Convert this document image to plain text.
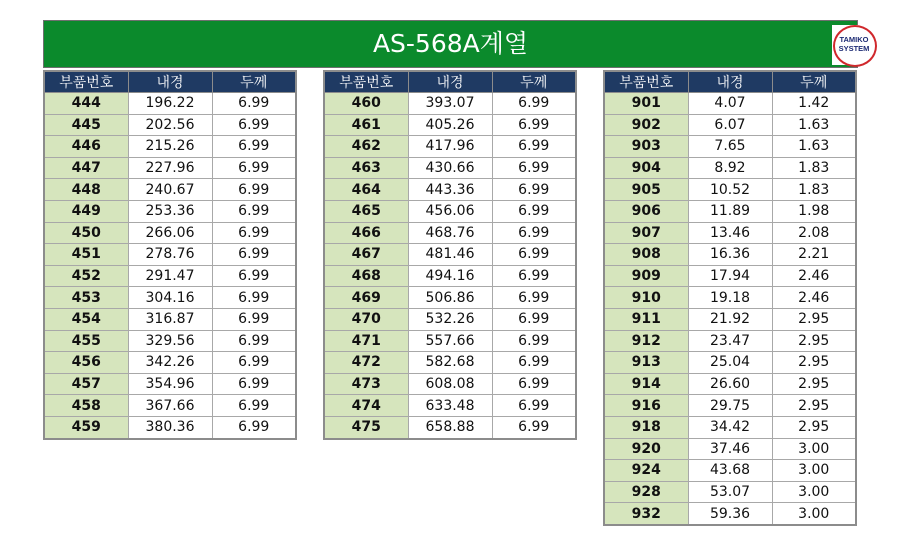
AS-568A계열	TAMIKO
SYSTEM
부품번호	내경	두께
444	196.22	6.99
445	202.56	6.99
446	215.26	6.99
447	227.96	6.99
448	240.67	6.99
449	253.36	6.99
450	266.06	6.99
451	278.76	6.99
452	291.47	6.99
453	304.16	6.99
454	316.87	6.99
455	329.56	6.99
456	342.26	6.99
457	354.96	6.99
458	367.66	6.99
459	380.36	6.99
부품번호	내경	두께
460	393.07	6.99
461	405.26	6.99
462	417.96	6.99
463	430.66	6.99
464	443.36	6.99
465	456.06	6.99
466	468.76	6.99
467	481.46	6.99
468	494.16	6.99
469	506.86	6.99
470	532.26	6.99
471	557.66	6.99
472	582.68	6.99
473	608.08	6.99
474	633.48	6.99
475	658.88	6.99
부품번호	내경	두께
901	4.07	1.42
902	6.07	1.63
903	7.65	1.63
904	8.92	1.83
905	10.52	1.83
906	11.89	1.98
907	13.46	2.08
908	16.36	2.21
909	17.94	2.46
910	19.18	2.46
911	21.92	2.95
912	23.47	2.95
913	25.04	2.95
914	26.60	2.95
916	29.75	2.95
918	34.42	2.95
920	37.46	3.00
924	43.68	3.00
928	53.07	3.00
932	59.36	3.00
